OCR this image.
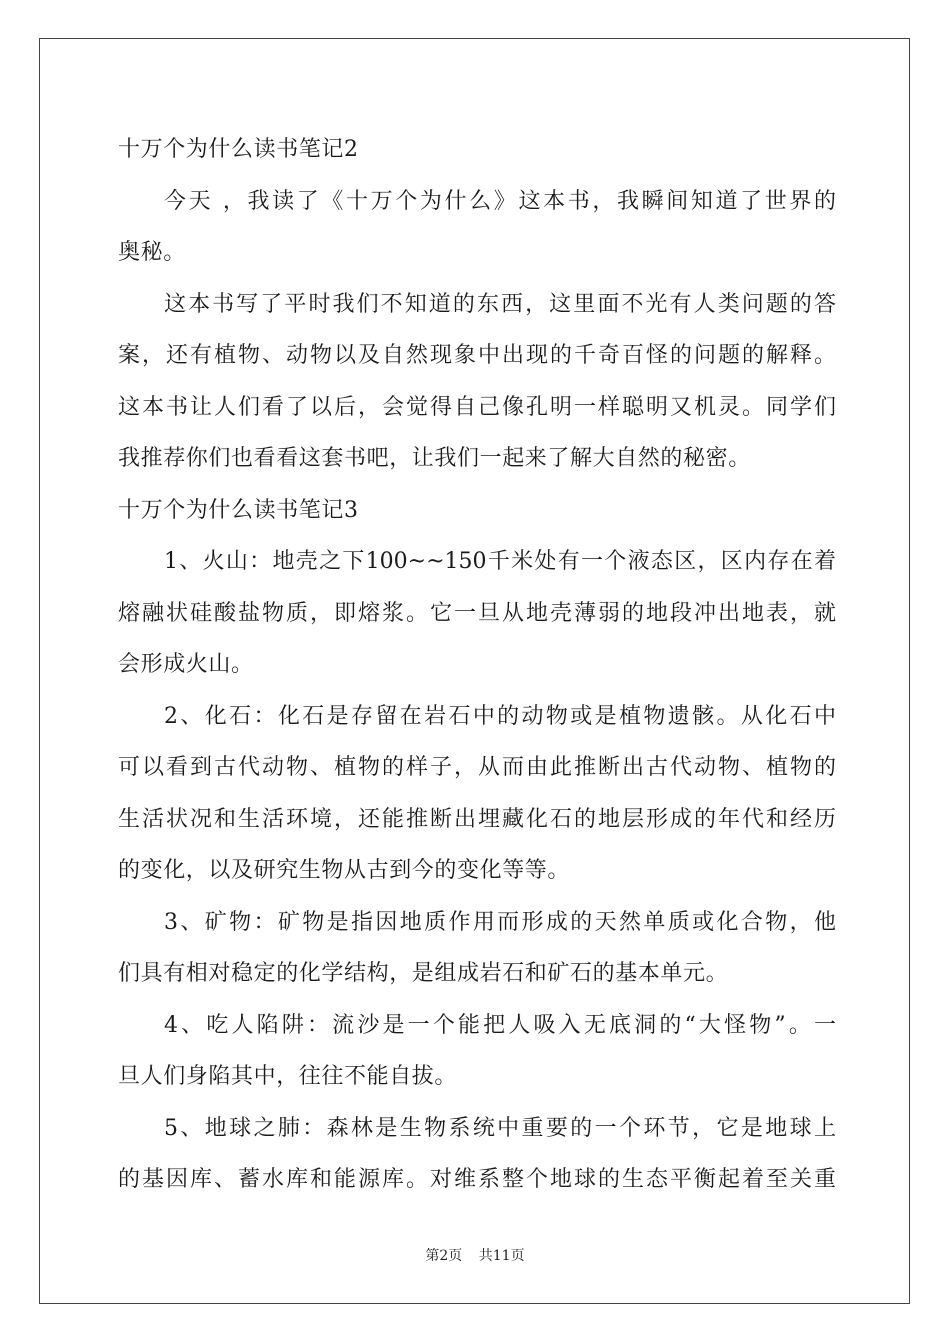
十万个为什么读书笔记2
今天 ，我读了《十万个为什么》这本书，我瞬间知道了世界的
奥秘。
这本书写了平时我们不知道的东西，这里面不光有人类问题的答
案，还有植物、动物以及自然现象中出现的千奇百怪的问题的解释。
这本书让人们看了以后，会觉得自己像孔明一样聪明又机灵。同学们
我推荐你们也看看这套书吧，让我们一起来了解大自然的秘密。
十万个为什么读书笔记3
1、火山：地壳之下100~~150千米处有一个液态区，区内存在着
熔融状硅酸盐物质，即熔浆。它一旦从地壳薄弱的地段冲出地表，就
会形成火山。
2、化石：化石是存留在岩石中的动物或是植物遗骸。从化石中
可以看到古代动物、植物的样子，从而由此推断出古代动物、植物的
生活状况和生活环境，还能推断出埋藏化石的地层形成的年代和经历
的变化，以及研究生物从古到今的变化等等。
3、矿物：矿物是指因地质作用而形成的天然单质或化合物，他
们具有相对稳定的化学结构，是组成岩石和矿石的基本单元。
4、吃人陷阱：流沙是一个能把人吸入无底洞的“大怪物”。一
旦人们身陷其中，往往不能自拔。
5、地球之肺：森林是生物系统中重要的一个环节，它是地球上
的基因库、蓄水库和能源库。对维系整个地球的生态平衡起着至关重
第2页 共11页
